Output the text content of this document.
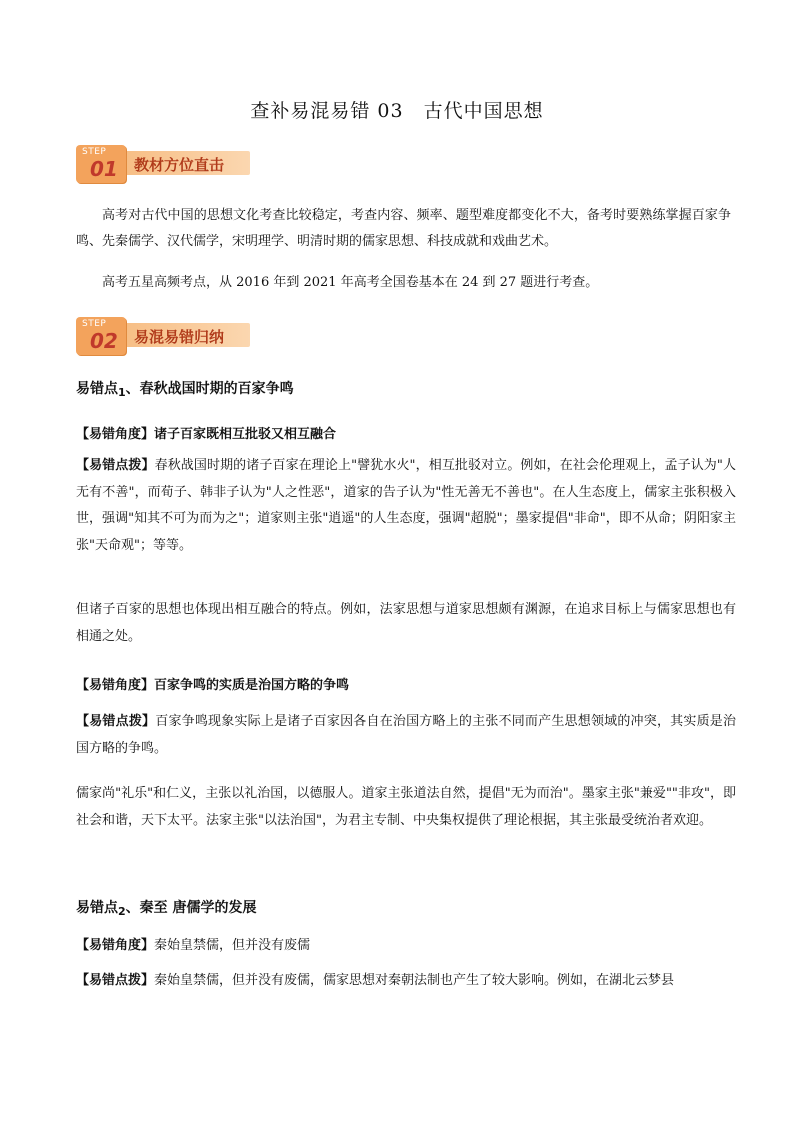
查补易混易错 03　古代中国思想
STEP
01 教材方位直击
高考对古代中国的思想文化考查比较稳定，考查内容、频率、题型难度都变化不大，备考时要熟练掌握百家争鸣、先秦儒学、汉代儒学，宋明理学、明清时期的儒家思想、科技成就和戏曲艺术。
高考五星高频考点，从 2016 年到 2021 年高考全国卷基本在 24 到 27 题进行考查。
STEP
02 易混易错归纳
易错点$_1$、春秋战国时期的百家争鸣
【易错角度】诸子百家既相互批驳又相互融合
【易错点拨】春秋战国时期的诸子百家在理论上"譬犹水火"，相互批驳对立。例如，在社会伦理观上，孟子认为"人无有不善"，而荀子、韩非子认为"人之性恶"，道家的告子认为"性无善无不善也"。在人生态度上，儒家主张积极入世，强调"知其不可为而为之"；道家则主张"逍遥"的人生态度，强调"超脱"；墨家提倡"非命"，即不从命；阴阳家主张"天命观"；等等。
但诸子百家的思想也体现出相互融合的特点。例如，法家思想与道家思想颇有渊源，在追求目标上与儒家思想也有相通之处。
【易错角度】百家争鸣的实质是治国方略的争鸣
【易错点拨】百家争鸣现象实际上是诸子百家因各自在治国方略上的主张不同而产生思想领域的冲突，其实质是治国方略的争鸣。
儒家尚"礼乐"和仁义，主张以礼治国，以德服人。道家主张道法自然，提倡"无为而治"。墨家主张"兼爱""非攻"，即社会和谐，天下太平。法家主张"以法治国"，为君主专制、中央集权提供了理论根据，其主张最受统治者欢迎。
易错点$_2$、秦至 唐儒学的发展
【易错角度】秦始皇禁儒，但并没有废儒
【易错点拨】秦始皇禁儒，但并没有废儒，儒家思想对秦朝法制也产生了较大影响。例如，在湖北云梦县
